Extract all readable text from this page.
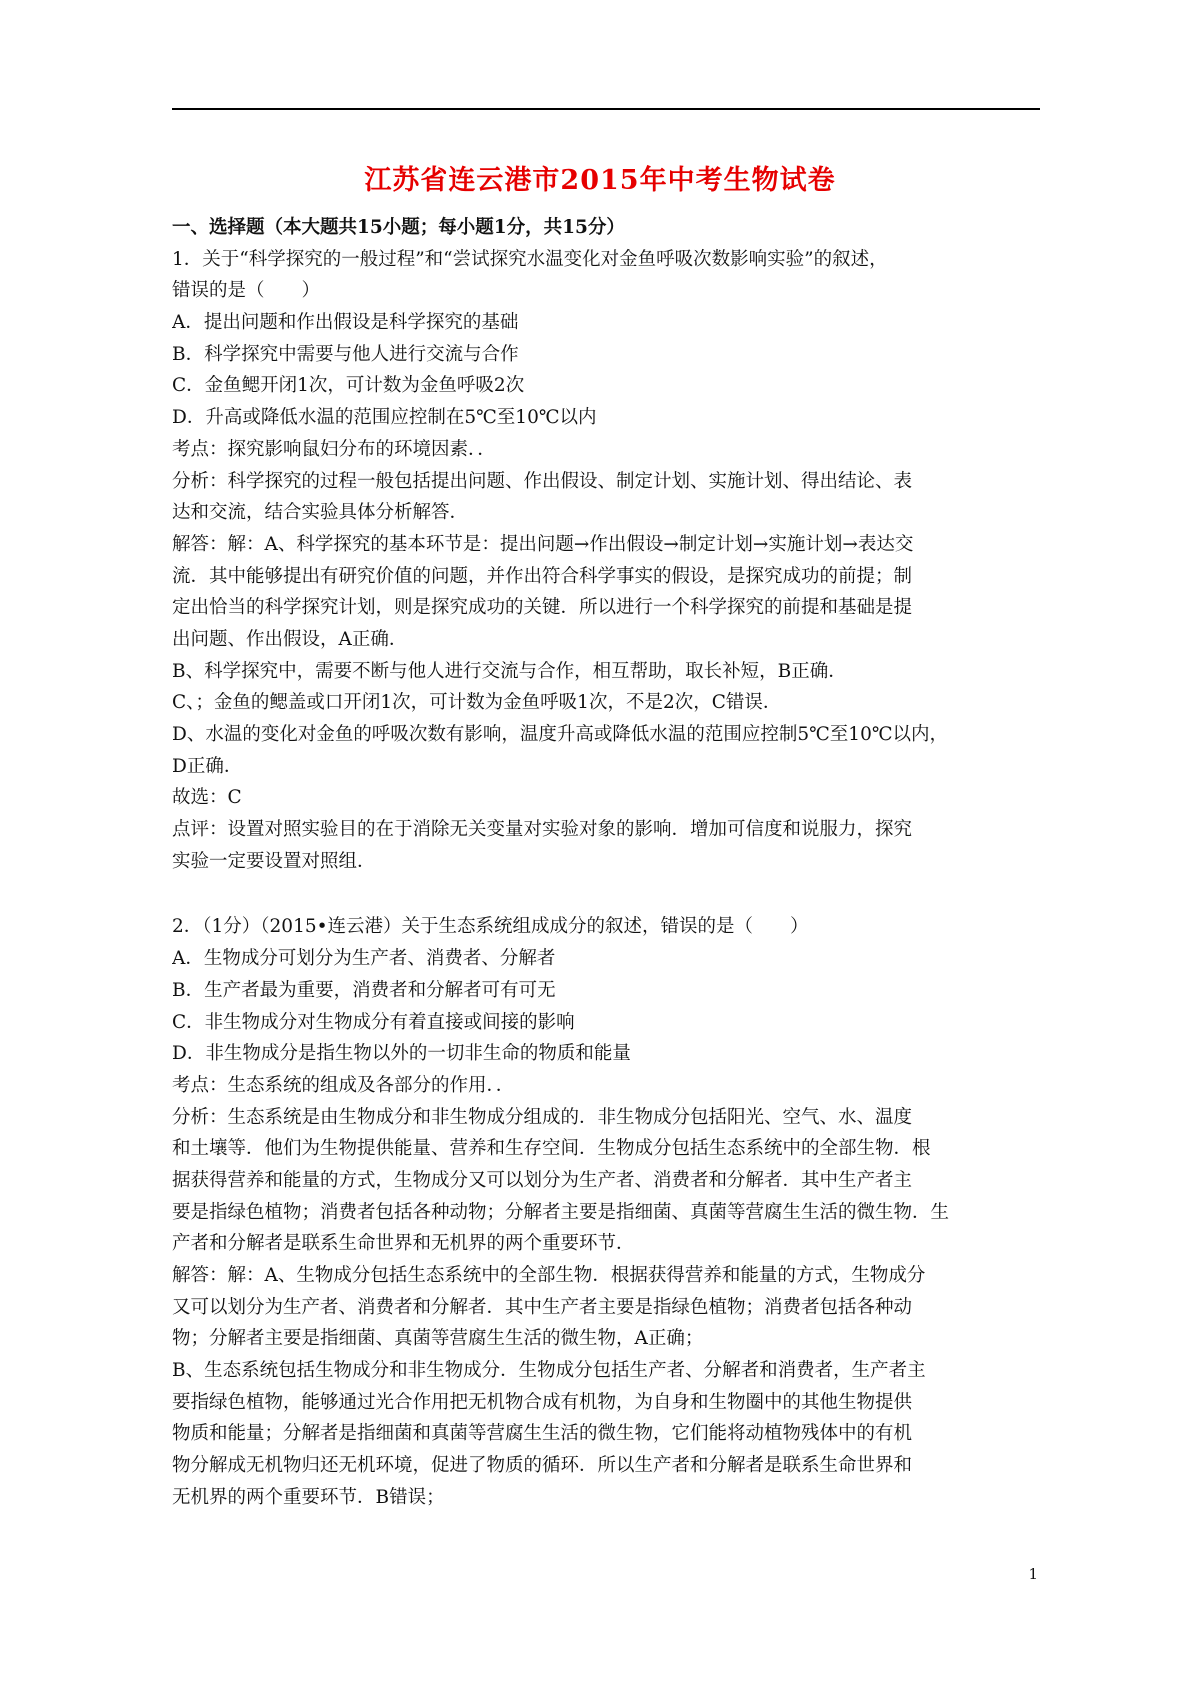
江苏省连云港市2015年中考生物试卷
一、选择题（本大题共15小题；每小题1分，共15分）
1．关于“科学探究的一般过程”和“尝试探究水温变化对金鱼呼吸次数影响实验”的叙述，
错误的是（　　）
A．提出问题和作出假设是科学探究的基础
B．科学探究中需要与他人进行交流与合作
C．金鱼鳃开闭1次，可计数为金鱼呼吸2次
D．升高或降低水温的范围应控制在5℃至10℃以内
考点：探究影响鼠妇分布的环境因素．．
分析：科学探究的过程一般包括提出问题、作出假设、制定计划、实施计划、得出结论、表
达和交流，结合实验具体分析解答．
解答：解：A、科学探究的基本环节是：提出问题→作出假设→制定计划→实施计划→表达交
流．其中能够提出有研究价值的问题，并作出符合科学事实的假设，是探究成功的前提；制
定出恰当的科学探究计划，则是探究成功的关键．所以进行一个科学探究的前提和基础是提
出问题、作出假设，A正确．
B、科学探究中，需要不断与他人进行交流与合作，相互帮助，取长补短，B正确．
C、；金鱼的鳃盖或口开闭1次，可计数为金鱼呼吸1次，不是2次，C错误．
D、水温的变化对金鱼的呼吸次数有影响，温度升高或降低水温的范围应控制5℃至10℃以内，
D正确．
故选：C
点评：设置对照实验目的在于消除无关变量对实验对象的影响．增加可信度和说服力，探究
实验一定要设置对照组．
2．（1分）（2015•连云港）关于生态系统组成成分的叙述，错误的是（　　）
A．生物成分可划分为生产者、消费者、分解者
B．生产者最为重要，消费者和分解者可有可无
C．非生物成分对生物成分有着直接或间接的影响
D．非生物成分是指生物以外的一切非生命的物质和能量
考点：生态系统的组成及各部分的作用．．
分析：生态系统是由生物成分和非生物成分组成的．非生物成分包括阳光、空气、水、温度
和土壤等．他们为生物提供能量、营养和生存空间．生物成分包括生态系统中的全部生物．根
据获得营养和能量的方式，生物成分又可以划分为生产者、消费者和分解者．其中生产者主
要是指绿色植物；消费者包括各种动物；分解者主要是指细菌、真菌等营腐生生活的微生物．生
产者和分解者是联系生命世界和无机界的两个重要环节．
解答：解：A、生物成分包括生态系统中的全部生物．根据获得营养和能量的方式，生物成分
又可以划分为生产者、消费者和分解者．其中生产者主要是指绿色植物；消费者包括各种动
物；分解者主要是指细菌、真菌等营腐生生活的微生物，A正确；
B、生态系统包括生物成分和非生物成分．生物成分包括生产者、分解者和消费者，生产者主
要指绿色植物，能够通过光合作用把无机物合成有机物，为自身和生物圈中的其他生物提供
物质和能量；分解者是指细菌和真菌等营腐生生活的微生物，它们能将动植物残体中的有机
物分解成无机物归还无机环境，促进了物质的循环．所以生产者和分解者是联系生命世界和
无机界的两个重要环节．B错误；
1
